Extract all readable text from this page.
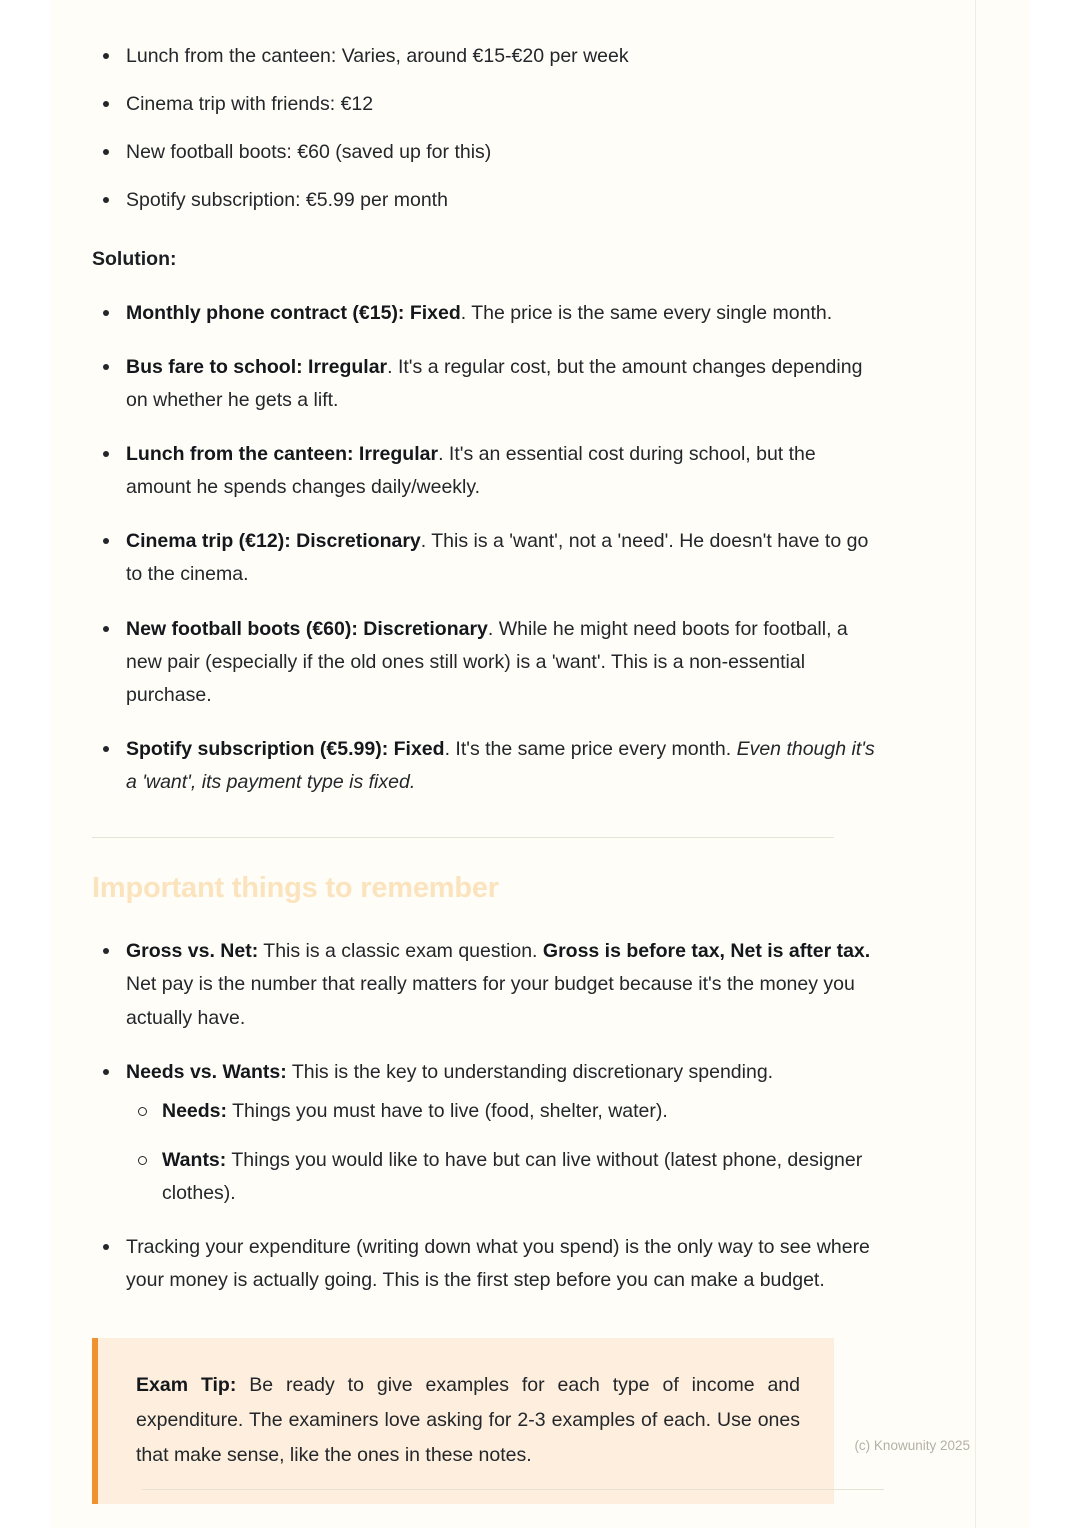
Lunch from the canteen: Varies, around €15-€20 per week
Cinema trip with friends: €12
New football boots: €60 (saved up for this)
Spotify subscription: €5.99 per month
Solution:
Monthly phone contract (€15): Fixed. The price is the same every single month.
Bus fare to school: Irregular. It's a regular cost, but the amount changes depending on whether he gets a lift.
Lunch from the canteen: Irregular. It's an essential cost during school, but the amount he spends changes daily/weekly.
Cinema trip (€12): Discretionary. This is a 'want', not a 'need'. He doesn't have to go to the cinema.
New football boots (€60): Discretionary. While he might need boots for football, a new pair (especially if the old ones still work) is a 'want'. This is a non-essential purchase.
Spotify subscription (€5.99): Fixed. It's the same price every month. Even though it's a 'want', its payment type is fixed.
Important things to remember
Gross vs. Net: This is a classic exam question. Gross is before tax, Net is after tax. Net pay is the number that really matters for your budget because it's the money you actually have.
Needs vs. Wants: This is the key to understanding discretionary spending.
Needs: Things you must have to live (food, shelter, water).
Wants: Things you would like to have but can live without (latest phone, designer clothes).
Tracking your expenditure (writing down what you spend) is the only way to see where your money is actually going. This is the first step before you can make a budget.

Exam Tip: Be ready to give examples for each type of income and expenditure. The examiners love asking for 2-3 examples of each. Use ones that make sense, like the ones in these notes.	(c) Knowunity 2025
